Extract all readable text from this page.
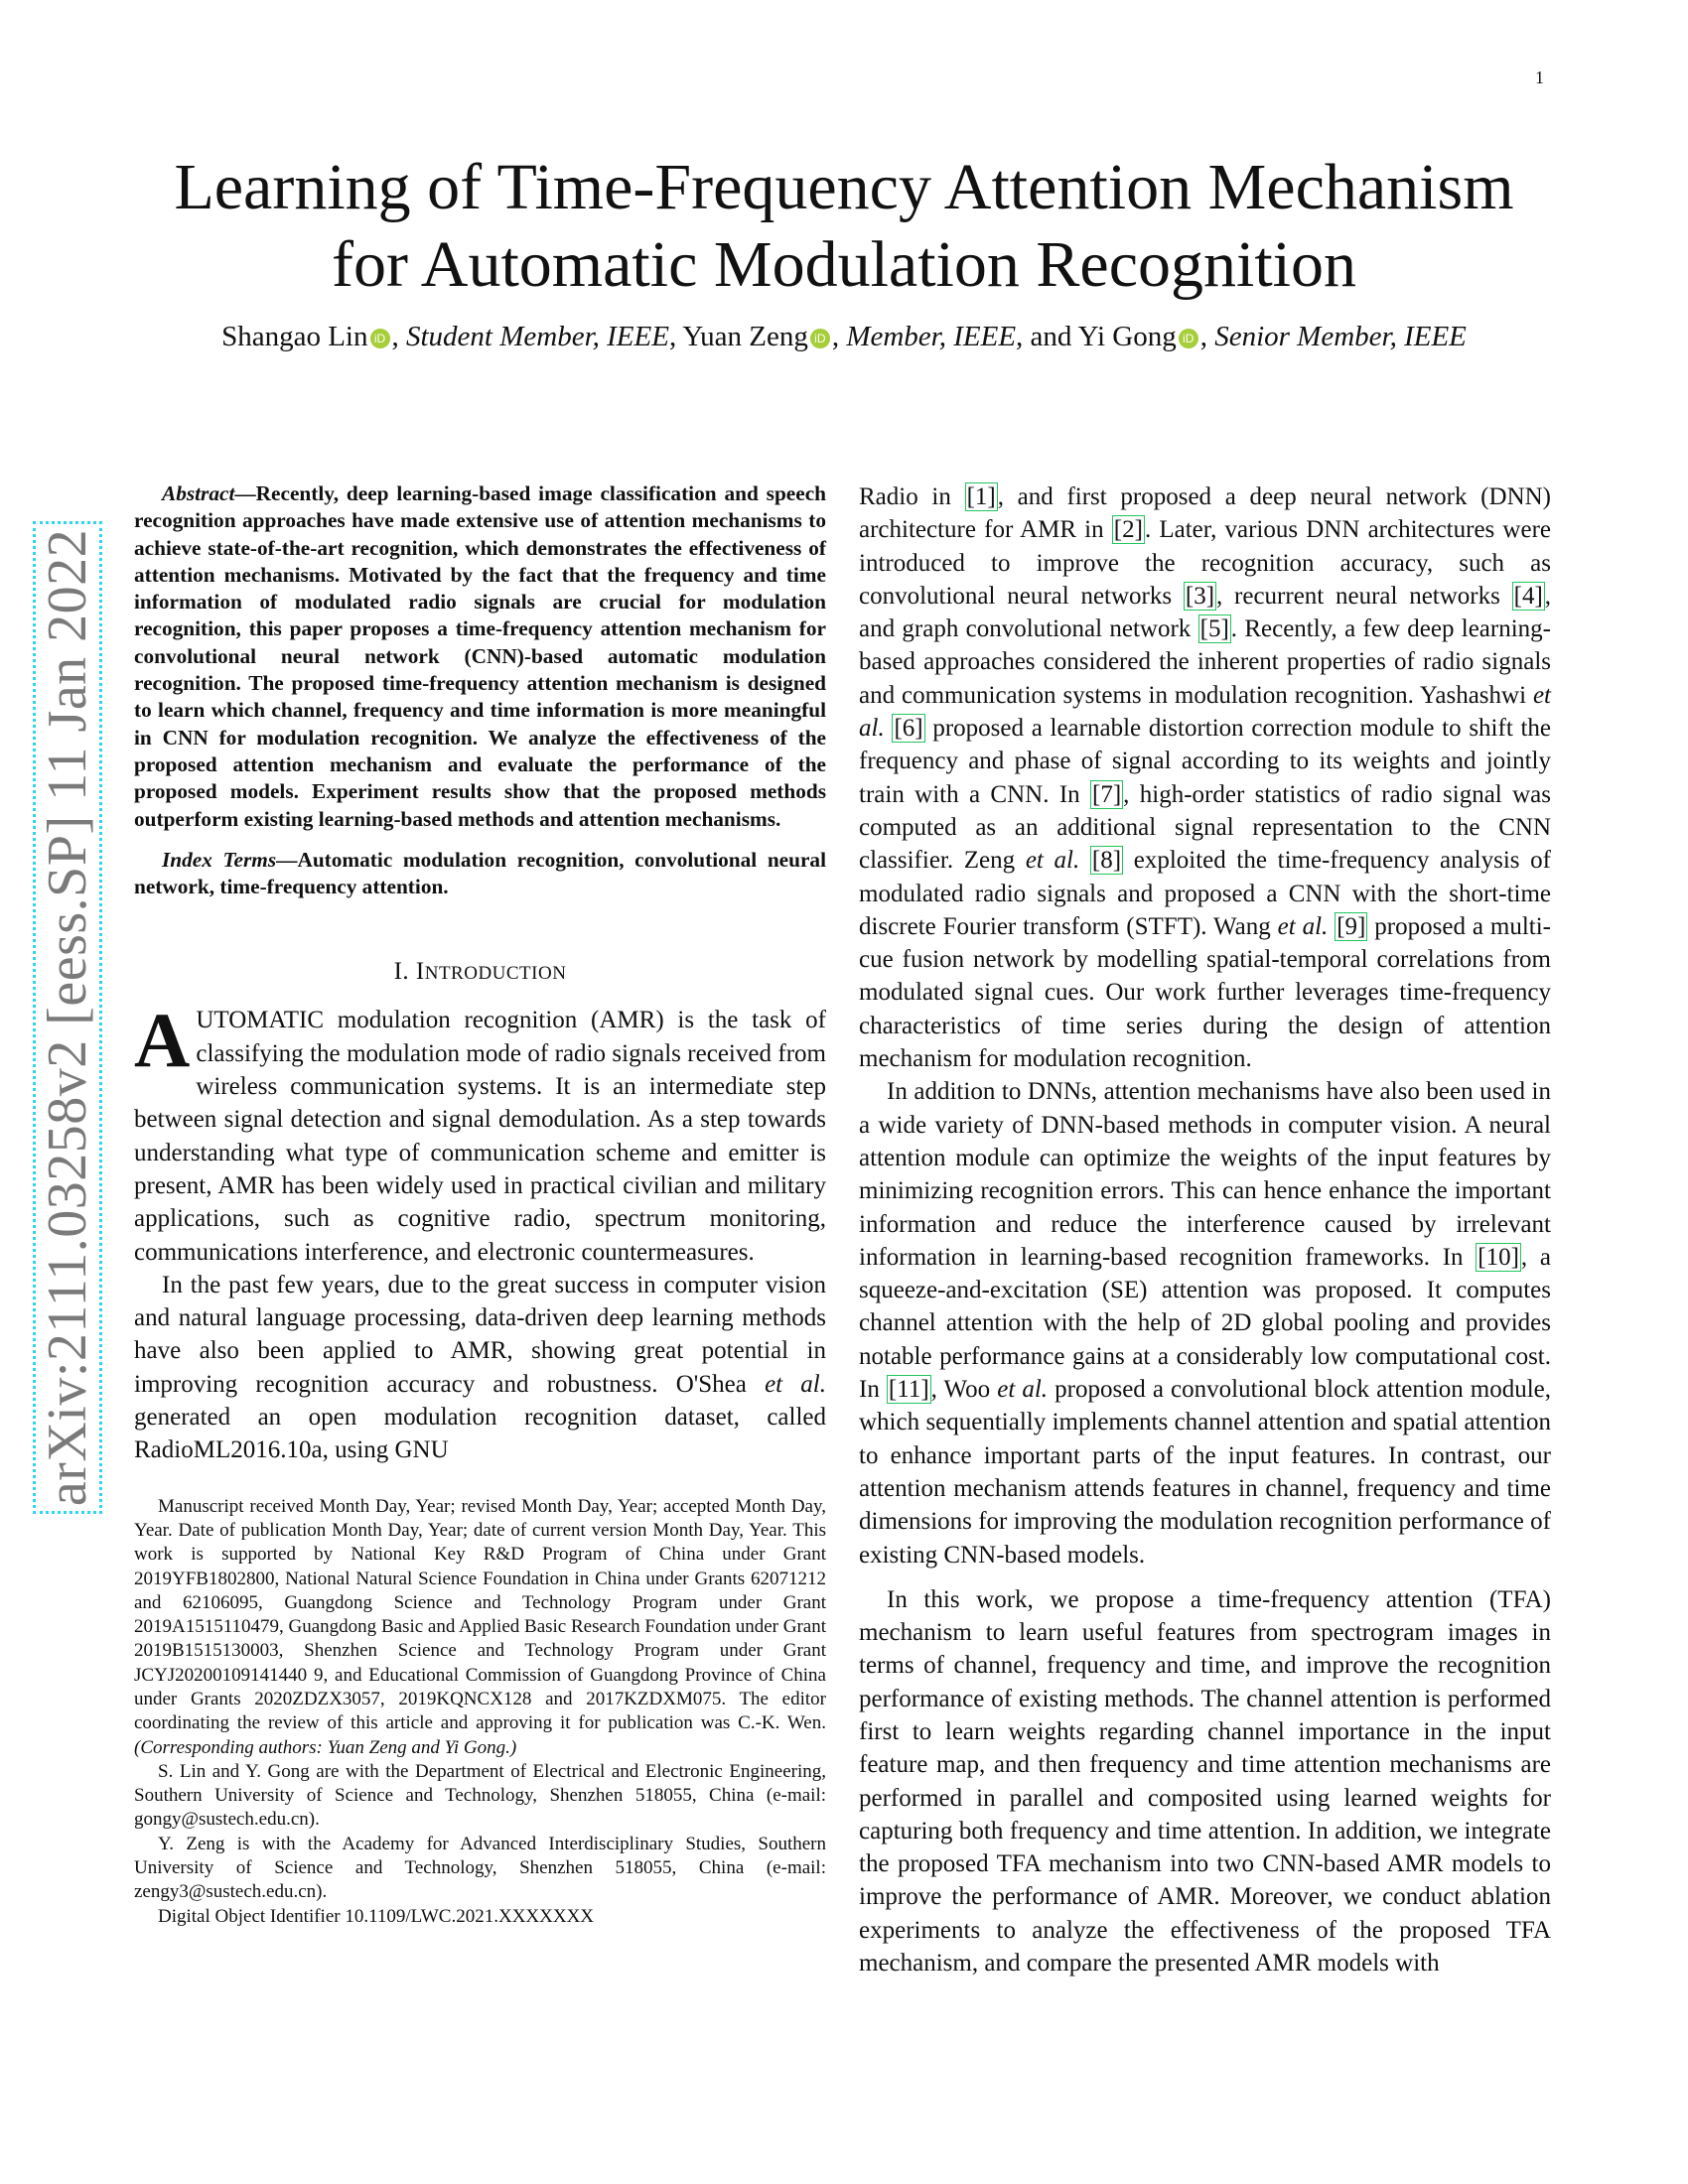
1
arXiv:2111.03258v2 [eess.SP] 11 Jan 2022
Learning of Time-Frequency Attention Mechanism
for Automatic Modulation Recognition
Shangao Lin iD , Student Member, IEEE, Yuan Zeng iD , Member, IEEE, and Yi Gong iD , Senior Member, IEEE

Abstract—Recently, deep learning-based image classification and speech recognition approaches have made extensive use of attention mechanisms to achieve state-of-the-art recognition, which demonstrates the effectiveness of attention mechanisms. Motivated by the fact that the frequency and time information of modulated radio signals are crucial for modulation recognition, this paper proposes a time-frequency attention mechanism for convolutional neural network (CNN)-based automatic modulation recognition. The proposed time-frequency attention mechanism is designed to learn which channel, frequency and time information is more meaningful in CNN for modulation recognition. We analyze the effectiveness of the proposed attention mechanism and evaluate the performance of the proposed models. Experiment results show that the proposed methods outperform existing learning-based methods and attention mechanisms.

Index Terms—Automatic modulation recognition, convolutional neural network, time-frequency attention.

I. INTRODUCTION

AUTOMATIC modulation recognition (AMR) is the task of classifying the modulation mode of radio signals received from wireless communication systems. It is an intermediate step between signal detection and signal demodulation. As a step towards understanding what type of communication scheme and emitter is present, AMR has been widely used in practical civilian and military applications, such as cognitive radio, spectrum monitoring, communications interference, and electronic countermeasures.

In the past few years, due to the great success in computer vision and natural language processing, data-driven deep learning methods have also been applied to AMR, showing great potential in improving recognition accuracy and robustness. O'Shea et al. generated an open modulation recognition dataset, called RadioML2016.10a, using GNU

Manuscript received Month Day, Year; revised Month Day, Year; accepted Month Day, Year. Date of publication Month Day, Year; date of current version Month Day, Year. This work is supported by National Key R&D Program of China under Grant 2019YFB1802800, National Natural Science Foundation in China under Grants 62071212 and 62106095, Guangdong Science and Technology Program under Grant 2019A1515110479, Guangdong Basic and Applied Basic Research Foundation under Grant 2019B1515130003, Shenzhen Science and Technology Program under Grant JCYJ20200109141440 9, and Educational Commission of Guangdong Province of China under Grants 2020ZDZX3057, 2019KQNCX128 and 2017KZDXM075. The editor coordinating the review of this article and approving it for publication was C.-K. Wen. (Corresponding authors: Yuan Zeng and Yi Gong.)

S. Lin and Y. Gong are with the Department of Electrical and Electronic Engineering, Southern University of Science and Technology, Shenzhen 518055, China (e-mail: gongy@sustech.edu.cn).

Y. Zeng is with the Academy for Advanced Interdisciplinary Studies, Southern University of Science and Technology, Shenzhen 518055, China (e-mail: zengy3@sustech.edu.cn).

Digital Object Identifier 10.1109/LWC.2021.XXXXXXX

Radio in [1], and first proposed a deep neural network (DNN) architecture for AMR in [2]. Later, various DNN architectures were introduced to improve the recognition accuracy, such as convolutional neural networks [3], recurrent neural networks [4], and graph convolutional network [5]. Recently, a few deep learning-based approaches considered the inherent properties of radio signals and communication systems in modulation recognition. Yashashwi et al. [6] proposed a learnable distortion correction module to shift the frequency and phase of signal according to its weights and jointly train with a CNN. In [7], high-order statistics of radio signal was computed as an additional signal representation to the CNN classifier. Zeng et al. [8] exploited the time-frequency analysis of modulated radio signals and proposed a CNN with the short-time discrete Fourier transform (STFT). Wang et al. [9] proposed a multi-cue fusion network by modelling spatial-temporal correlations from modulated signal cues. Our work further leverages time-frequency characteristics of time series during the design of attention mechanism for modulation recognition.

In addition to DNNs, attention mechanisms have also been used in a wide variety of DNN-based methods in computer vision. A neural attention module can optimize the weights of the input features by minimizing recognition errors. This can hence enhance the important information and reduce the interference caused by irrelevant information in learning-based recognition frameworks. In [10], a squeeze-and-excitation (SE) attention was proposed. It computes channel attention with the help of 2D global pooling and provides notable performance gains at a considerably low computational cost. In [11], Woo et al. proposed a convolutional block attention module, which sequentially implements channel attention and spatial attention to enhance important parts of the input features. In contrast, our attention mechanism attends features in channel, frequency and time dimensions for improving the modulation recognition performance of existing CNN-based models.

In this work, we propose a time-frequency attention (TFA) mechanism to learn useful features from spectrogram images in terms of channel, frequency and time, and improve the recognition performance of existing methods. The channel attention is performed first to learn weights regarding channel importance in the input feature map, and then frequency and time attention mechanisms are performed in parallel and composited using learned weights for capturing both frequency and time attention. In addition, we integrate the proposed TFA mechanism into two CNN-based AMR models to improve the performance of AMR. Moreover, we conduct ablation experiments to analyze the effectiveness of the proposed TFA mechanism, and compare the presented AMR models with
